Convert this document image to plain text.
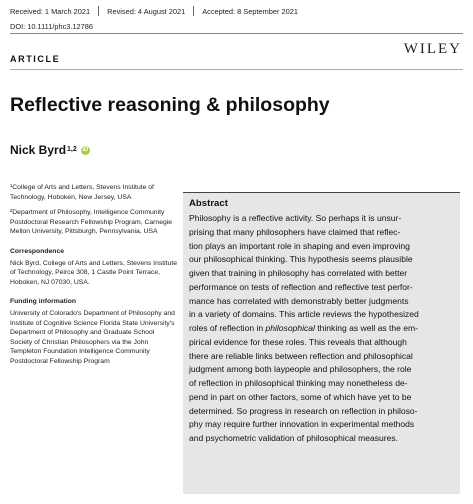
Received: 1 March 2021 Revised: 4 August 2021 Accepted: 8 September 2021
DOI: 10.1111/phc3.12786
ARTICLE
WILEY
Reflective reasoning & philosophy
Nick Byrd$^{1,2}$ iD

¹College of Arts and Letters, Stevens Institute of Technology, Hoboken, New Jersey, USA

²Department of Philosophy, Intelligence Community Postdoctoral Research Fellowship Program, Carnegie Mellon University, Pittsburgh, Pennsylvania, USA

Correspondence

Nick Byrd, College of Arts and Letters, Stevens Institute of Technology, Peirce 308, 1 Castle Point Terrace, Hoboken, NJ 07030, USA.

Funding information

University of Colorado's Department of Philosophy and Institute of Cognitive Science Florida State University's Department of Philosophy and Graduate School Society of Christian Philosophers via the John Templeton Foundation Intelligence Community Postdoctoral Fellowship Program

Abstract

Philosophy is a reflective activity. So perhaps it is unsur-
prising that many philosophers have claimed that reflec-
tion plays an important role in shaping and even improving
our philosophical thinking. This hypothesis seems plausible
given that training in philosophy has correlated with better
performance on tests of reflection and reflective test perfor-
mance has correlated with demonstrably better judgments
in a variety of domains. This article reviews the hypothesized
roles of reflection in philosophical thinking as well as the em-
pirical evidence for these roles. This reveals that although
there are reliable links between reflection and philosophical
judgment among both laypeople and philosophers, the role
of reflection in philosophical thinking may nonetheless de-
pend in part on other factors, some of which have yet to be
determined. So progress in research on reflection in philoso-
phy may require further innovation in experimental methods
and psychometric validation of philosophical measures.
